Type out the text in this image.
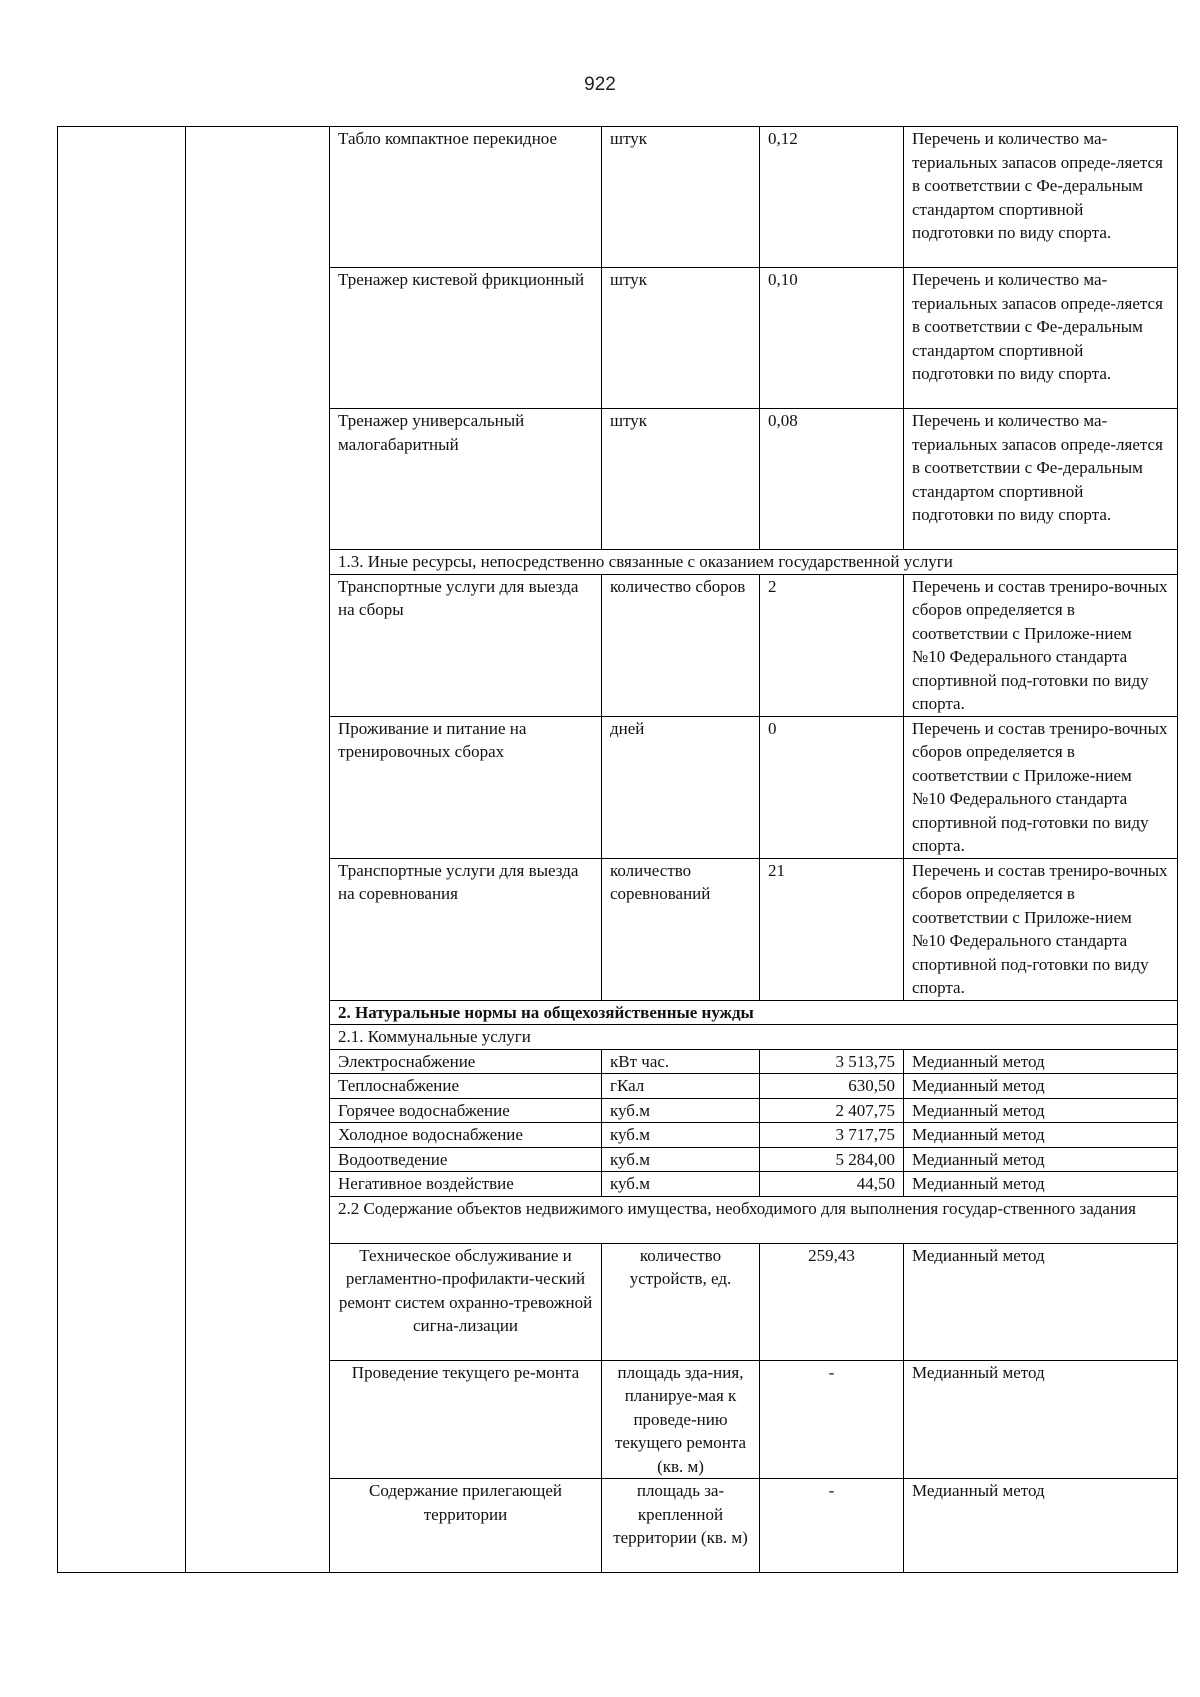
922
		Табло компактное перекидное	штук	0,12	Перечень и количество ма-териальных запасов опреде-ляется в соответствии с Фе-деральным стандартом спортивной подготовки по виду спорта.
		Тренажер кистевой фрикционный	штук	0,10	Перечень и количество ма-териальных запасов опреде-ляется в соответствии с Фе-деральным стандартом спортивной подготовки по виду спорта.
		Тренажер универсальный малогабаритный	штук	0,08	Перечень и количество ма-териальных запасов опреде-ляется в соответствии с Фе-деральным стандартом спортивной подготовки по виду спорта.
		1.3. Иные ресурсы, непосредственно связанные с оказанием государственной услуги			
		Транспортные услуги для выезда на сборы	количество сборов	2	Перечень и состав трениро-вочных сборов определяется в соответствии с Приложе-нием №10 Федерального стандарта спортивной под-готовки по виду спорта.
		Проживание и питание на тренировочных сборах	дней	0	Перечень и состав трениро-вочных сборов определяется в соответствии с Приложе-нием №10 Федерального стандарта спортивной под-готовки по виду спорта.
		Транспортные услуги для выезда на соревнования	количество соревнований	21	Перечень и состав трениро-вочных сборов определяется в соответствии с Приложе-нием №10 Федерального стандарта спортивной под-готовки по виду спорта.
		2. Натуральные нормы на общехозяйственные нужды			
		2.1. Коммунальные услуги			
		Электроснабжение	кВт час.	3 513,75	Медианный метод
		Теплоснабжение	гКал	630,50	Медианный метод
		Горячее водоснабжение	куб.м	2 407,75	Медианный метод
		Холодное водоснабжение	куб.м	3 717,75	Медианный метод
		Водоотведение	куб.м	5 284,00	Медианный метод
		Негативное воздействие	куб.м	44,50	Медианный метод
		2.2 Содержание объектов недвижимого имущества, необходимого для выполнения государ-ственного задания			
		Техническое обслуживание и регламентно-профилакти-ческий ремонт систем охранно-тревожной сигна-лизации	количество устройств, ед.	259,43	Медианный метод
		Проведение текущего ре-монта	площадь зда-ния, планируе-мая к проведе-нию текущего ремонта (кв. м)	-	Медианный метод
		Содержание прилегающей территории	площадь за-крепленной территории (кв. м)	-	Медианный метод
